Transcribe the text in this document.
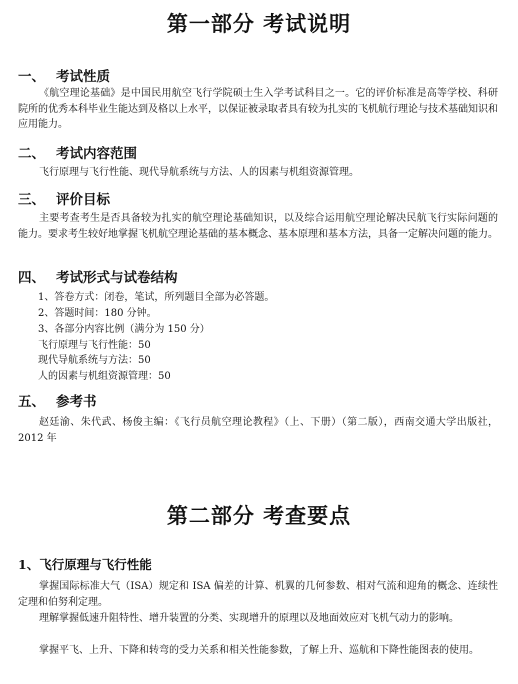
第一部分 考试说明
一、 考试性质

《航空理论基础》是中国民用航空飞行学院硕士生入学考试科目之一。它的评价标准是高等学校、科研院所的优秀本科毕业生能达到及格以上水平，以保证被录取者具有较为扎实的飞机航行理论与技术基础知识和应用能力。

二、 考试内容范围

飞行原理与飞行性能、现代导航系统与方法、人的因素与机组资源管理。

三、 评价目标

主要考查考生是否具备较为扎实的航空理论基础知识，以及综合运用航空理论解决民航飞行实际问题的能力。要求考生较好地掌握飞机航空理论基础的基本概念、基本原理和基本方法，具备一定解决问题的能力。

四、 考试形式与试卷结构

1、答卷方式：闭卷，笔试，所列题目全部为必答题。

2、答题时间：180 分钟。

3、各部分内容比例（满分为 150 分）

飞行原理与飞行性能：50

现代导航系统与方法：50

人的因素与机组资源管理：50

五、 参考书

赵廷渝、朱代武、杨俊主编：《飞行员航空理论教程》（上、下册）（第二版），西南交通大学出版社，2012 年

第二部分 考查要点
1、飞行原理与飞行性能

掌握国际标准大气（ISA）规定和 ISA 偏差的计算、机翼的几何参数、相对气流和迎角的概念、连续性定理和伯努利定理。

理解掌握低速升阻特性、增升装置的分类、实现增升的原理以及地面效应对飞机气动力的影响。

掌握平飞、上升、下降和转弯的受力关系和相关性能参数，了解上升、巡航和下降性能图表的使用。
